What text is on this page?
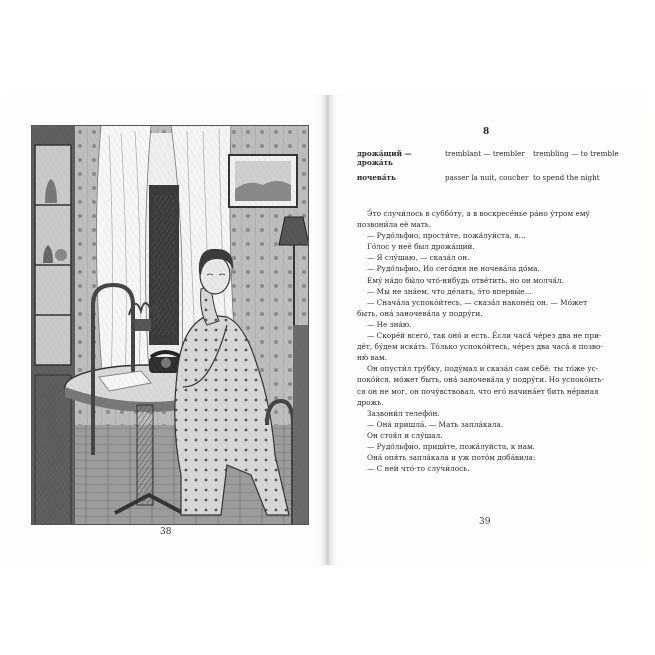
38
8
дрожа́щий — дрожа́ть
tremblant — trembler	trembling — to tremble
ночева́ть	passer la nuit, coucher to spend the night

Э́то случи́лось в суббо́ту, а в воскресе́нье ра́но у́тром ему́

позвони́ла её мать.

— Рудо́льфио, прости́те, пожа́луйста, я...

Го́лос у неё был дрожа́щий.

— Я слу́шаю, — сказа́л он.

— Рудо́льфио, Ио сего́дня не ночева́ла до́ма.

Ему́ на́до бы́ло что́-нибудь отве́тить, но он молча́л.

— Мы не зна́ем, что де́лать, э́то впервы́е...

— Снача́ла успоко́йтесь, — сказа́л наконе́ц он. — Мо́жет

быть, она́ заночева́ла у подру́ги.

— Не зна́ю.

— Скоре́й всего́, так оно́ и есть. Е́сли часа́ че́рез два не при-

дёт, бу́дем иска́ть. То́лько успоко́йтесь, че́рез два часа́ я позво-

ню́ вам.

Он опусти́л тру́бку, поду́мал и сказа́л сам себе́: ты то́же ус-

поко́йся, мо́жет быть, она́ заночева́ла у подру́ги. Но успоко́ить-

ся он не мог, он почу́вствовал, что его́ начина́ет бить не́рвная

дрожь.

Зазвони́л телефо́н.

— Она́ пришла́. — Мать запла́кала.

Он стоя́л и слу́шал.

— Рудо́льфио, приди́те, пожа́луйста, к нам.

Она́ опя́ть запла́кала и уж пото́м доба́вила:

— С ней что́-то случи́лось.

39
